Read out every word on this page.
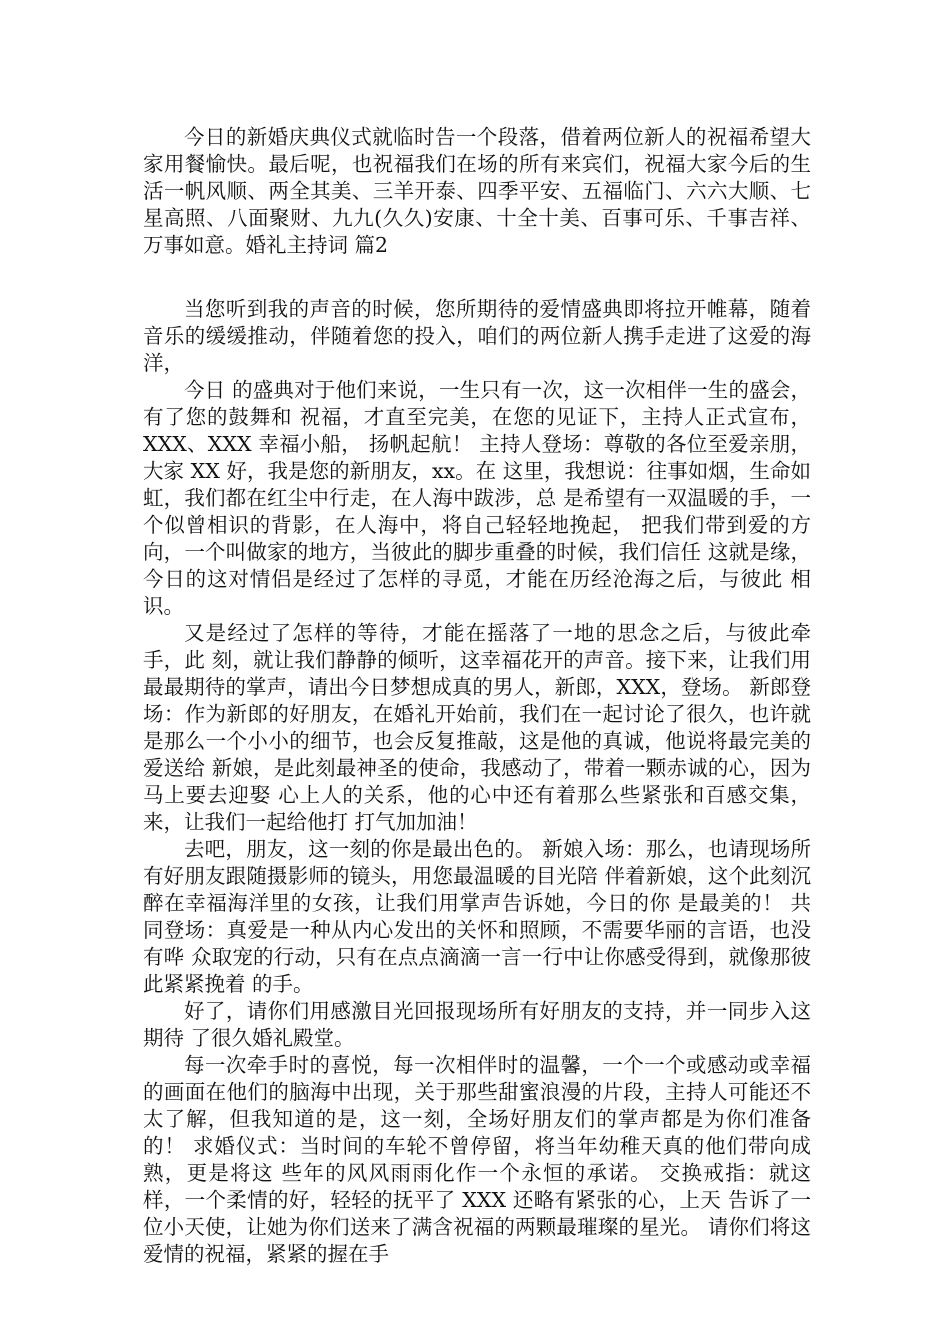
今日的新婚庆典仪式就临时告一个段落，借着两位新人的祝福希望大家用餐愉快。最后呢，也祝福我们在场的所有来宾们，祝福大家今后的生活一帆风顺、两全其美、三羊开泰、四季平安、五福临门、六六大顺、七星高照、八面聚财、九九(久久)安康、十全十美、百事可乐、千事吉祥、万事如意。婚礼主持词 篇2

当您听到我的声音的时候，您所期待的爱情盛典即将拉开帷幕，随着音乐的缓缓推动，伴随着您的投入，咱们的两位新人携手走进了这爱的海洋，

今日 的盛典对于他们来说，一生只有一次，这一次相伴一生的盛会，有了您的鼓舞和 祝福，才直至完美，在您的见证下，主持人正式宣布，XXX、XXX 幸福小船， 扬帆起航！ 主持人登场：尊敬的各位至爱亲朋，大家 XX 好，我是您的新朋友，xx。在 这里，我想说：往事如烟，生命如虹，我们都在红尘中行走，在人海中跋涉，总 是希望有一双温暖的手，一个似曾相识的背影，在人海中，将自己轻轻地挽起， 把我们带到爱的方向，一个叫做家的地方，当彼此的脚步重叠的时候，我们信任 这就是缘，今日的这对情侣是经过了怎样的寻觅，才能在历经沧海之后，与彼此 相识。

又是经过了怎样的等待，才能在摇落了一地的思念之后，与彼此牵手，此 刻，就让我们静静的倾听，这幸福花开的声音。接下来，让我们用最最期待的掌声，请出今日梦想成真的男人，新郎，XXX，登场。 新郎登场：作为新郎的好朋友，在婚礼开始前，我们在一起讨论了很久，也许就 是那么一个小小的细节，也会反复推敲，这是他的真诚，他说将最完美的爱送给 新娘，是此刻最神圣的使命，我感动了，带着一颗赤诚的心，因为马上要去迎娶 心上人的关系，他的心中还有着那么些紧张和百感交集，来，让我们一起给他打 打气加加油！

去吧，朋友，这一刻的你是最出色的。 新娘入场：那么，也请现场所有好朋友跟随摄影师的镜头，用您最温暖的目光陪 伴着新娘，这个此刻沉醉在幸福海洋里的女孩，让我们用掌声告诉她，今日的你 是最美的！ 共同登场：真爱是一种从内心发出的关怀和照顾，不需要华丽的言语，也没有哗 众取宠的行动，只有在点点滴滴一言一行中让你感受得到，就像那彼此紧紧挽着 的手。

好了，请你们用感激目光回报现场所有好朋友的支持，并一同步入这期待 了很久婚礼殿堂。

每一次牵手时的喜悦，每一次相伴时的温馨，一个一个或感动或幸福的画面在他们的脑海中出现，关于那些甜蜜浪漫的片段，主持人可能还不 太了解，但我知道的是，这一刻，全场好朋友们的掌声都是为你们准备的！ 求婚仪式：当时间的车轮不曾停留，将当年幼稚天真的他们带向成熟，更是将这 些年的风风雨雨化作一个永恒的承诺。 交换戒指：就这样，一个柔情的好，轻轻的抚平了 XXX 还略有紧张的心，上天 告诉了一位小天使，让她为你们送来了满含祝福的两颗最璀璨的星光。 请你们将这爱情的祝福，紧紧的握在手
